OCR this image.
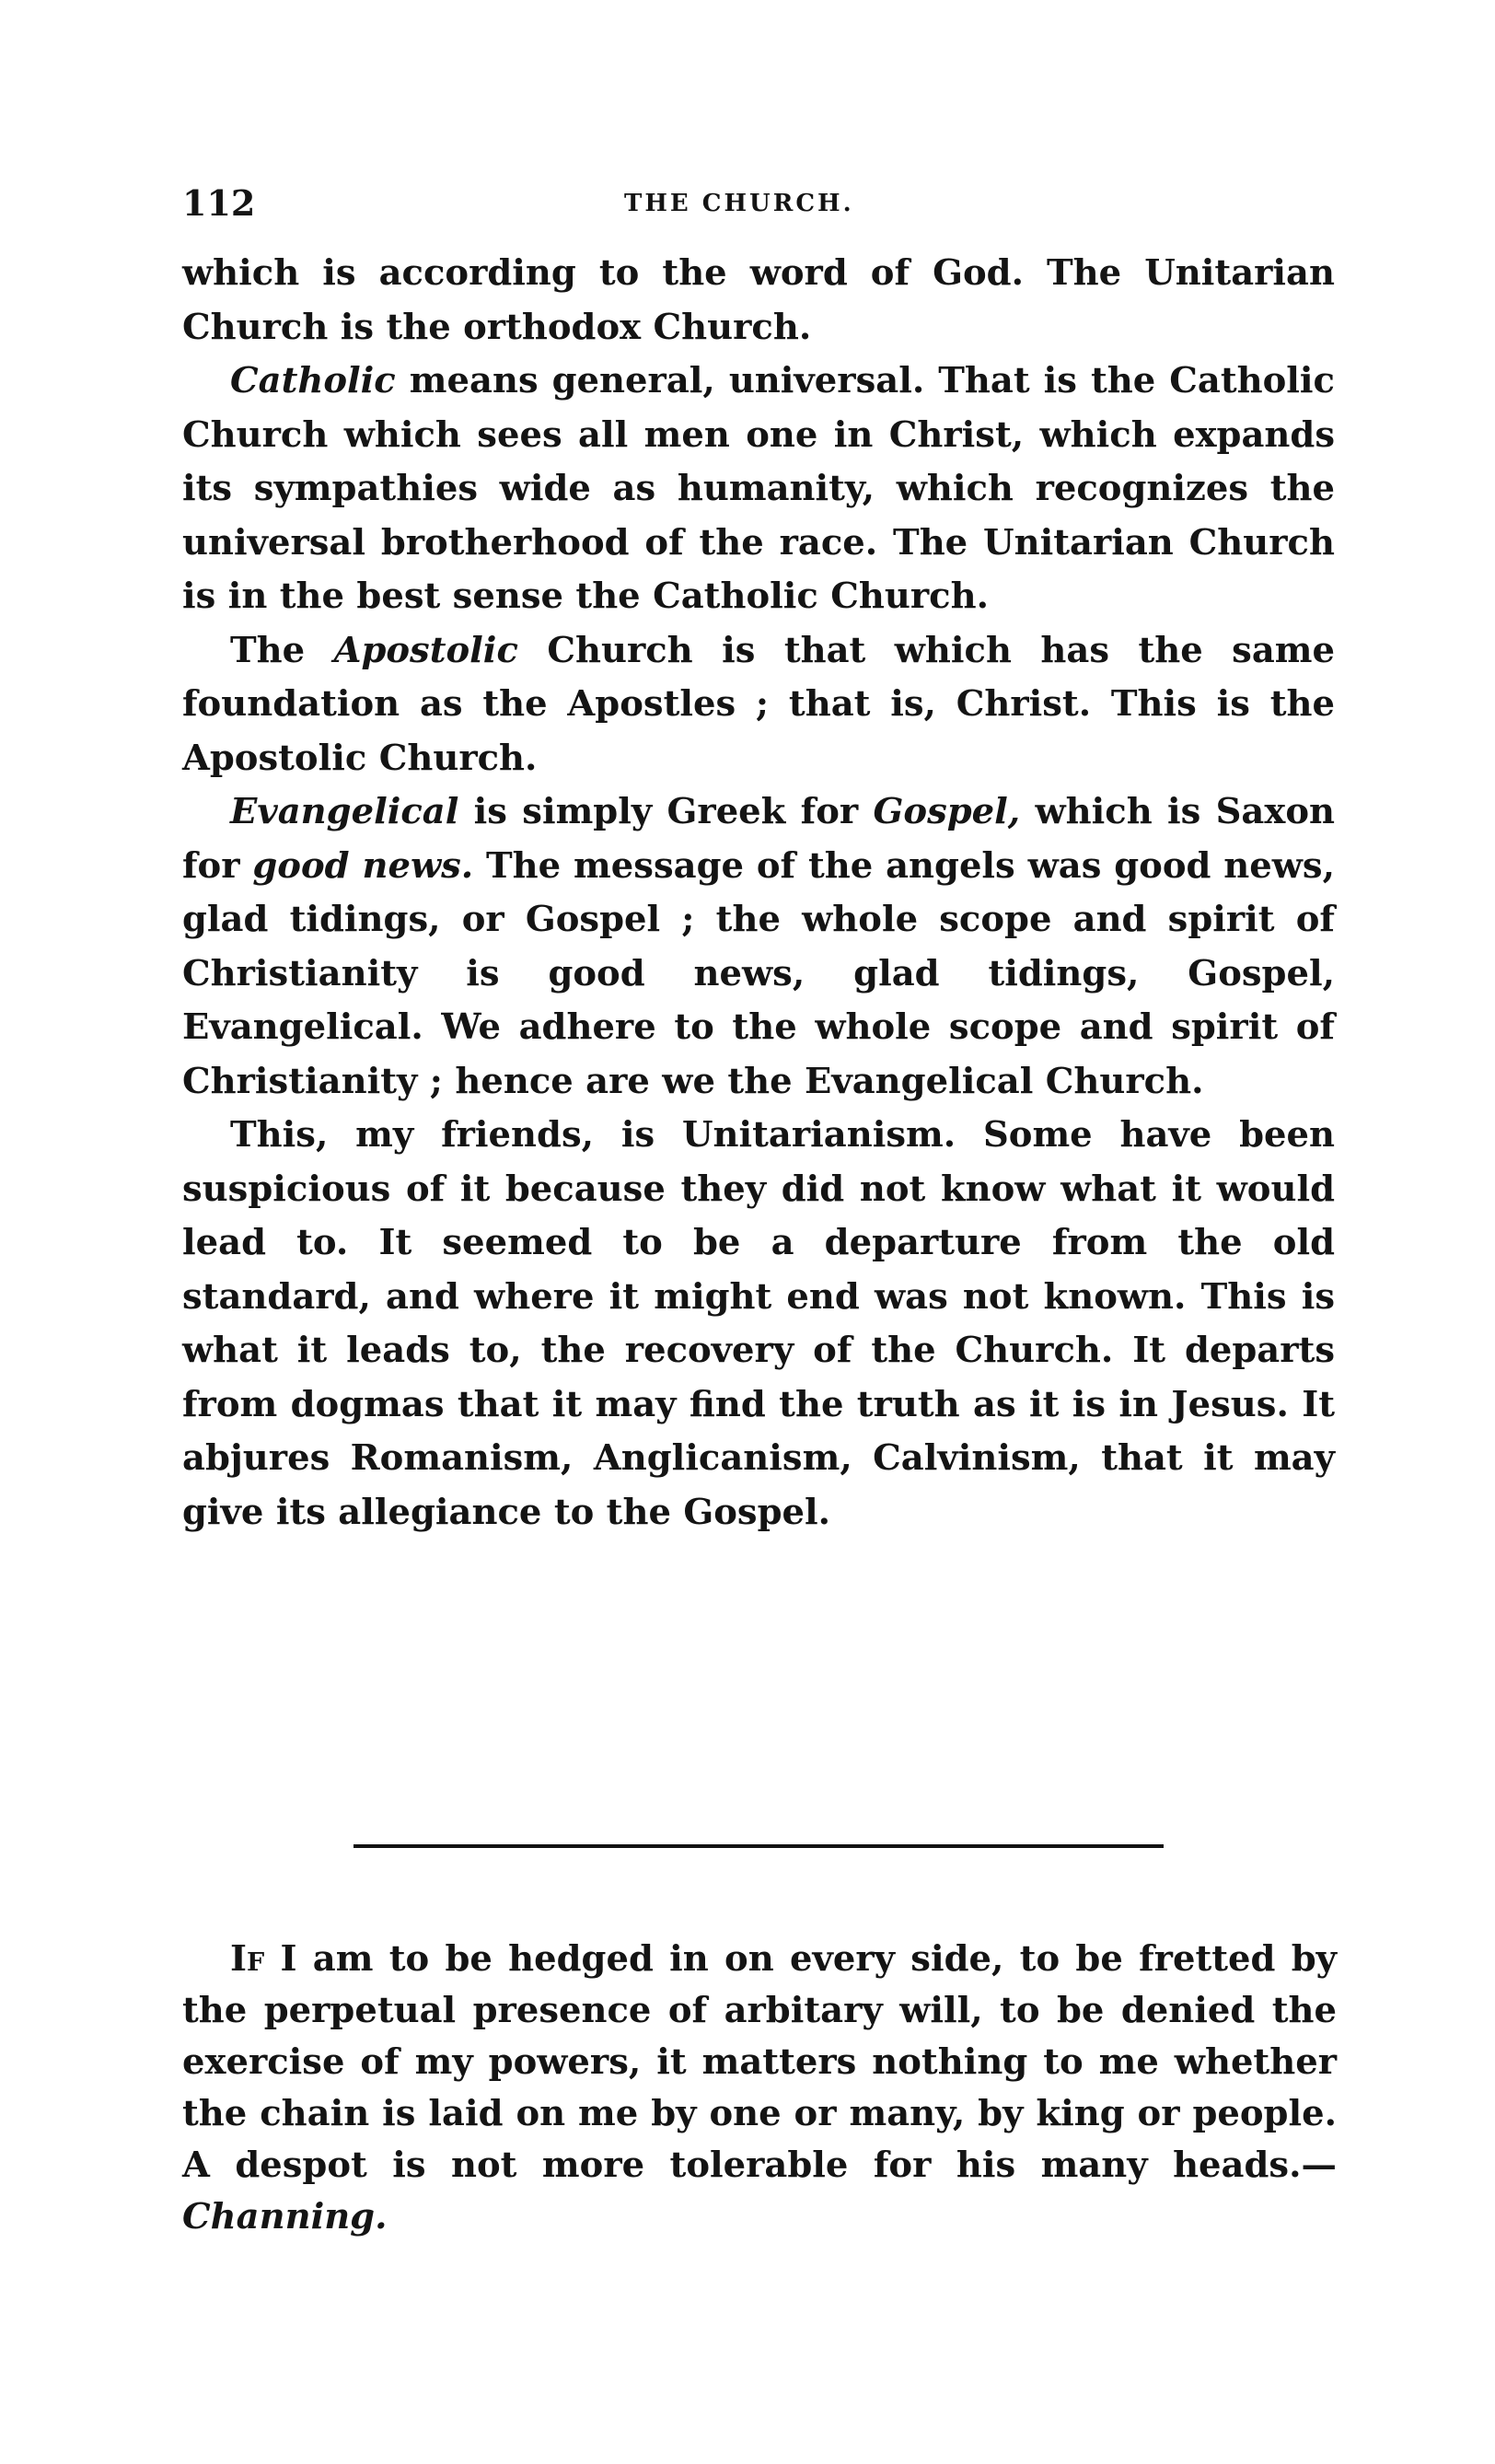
112	THE CHURCH.

which is according to the word of God. The Unitarian Church is the orthodox Church.

Catholic means general, universal. That is the Catholic Church which sees all men one in Christ, which expands its sympathies wide as humanity, which recognizes the universal brotherhood of the race. The Unitarian Church is in the best sense the Catholic Church.

The Apostolic Church is that which has the same foundation as the Apostles ; that is, Christ. This is the Apostolic Church.

Evangelical is simply Greek for Gospel, which is Saxon for good news. The message of the angels was good news, glad tidings, or Gospel ; the whole scope and spirit of Christianity is good news, glad tidings, Gospel, Evangelical. We adhere to the whole scope and spirit of Christianity ; hence are we the Evangelical Church.

This, my friends, is Unitarianism. Some have been suspicious of it because they did not know what it would lead to. It seemed to be a departure from the old standard, and where it might end was not known. This is what it leads to, the recovery of the Church. It departs from dogmas that it may find the truth as it is in Jesus. It abjures Romanism, Anglicanism, Calvinism, that it may give its allegiance to the Gospel.

If I am to be hedged in on every side, to be fretted by the perpetual presence of arbitary will, to be denied the exercise of my powers, it matters nothing to me whether the chain is laid on me by one or many, by king or people. A despot is not more tolerable for his many heads.—Channing.
